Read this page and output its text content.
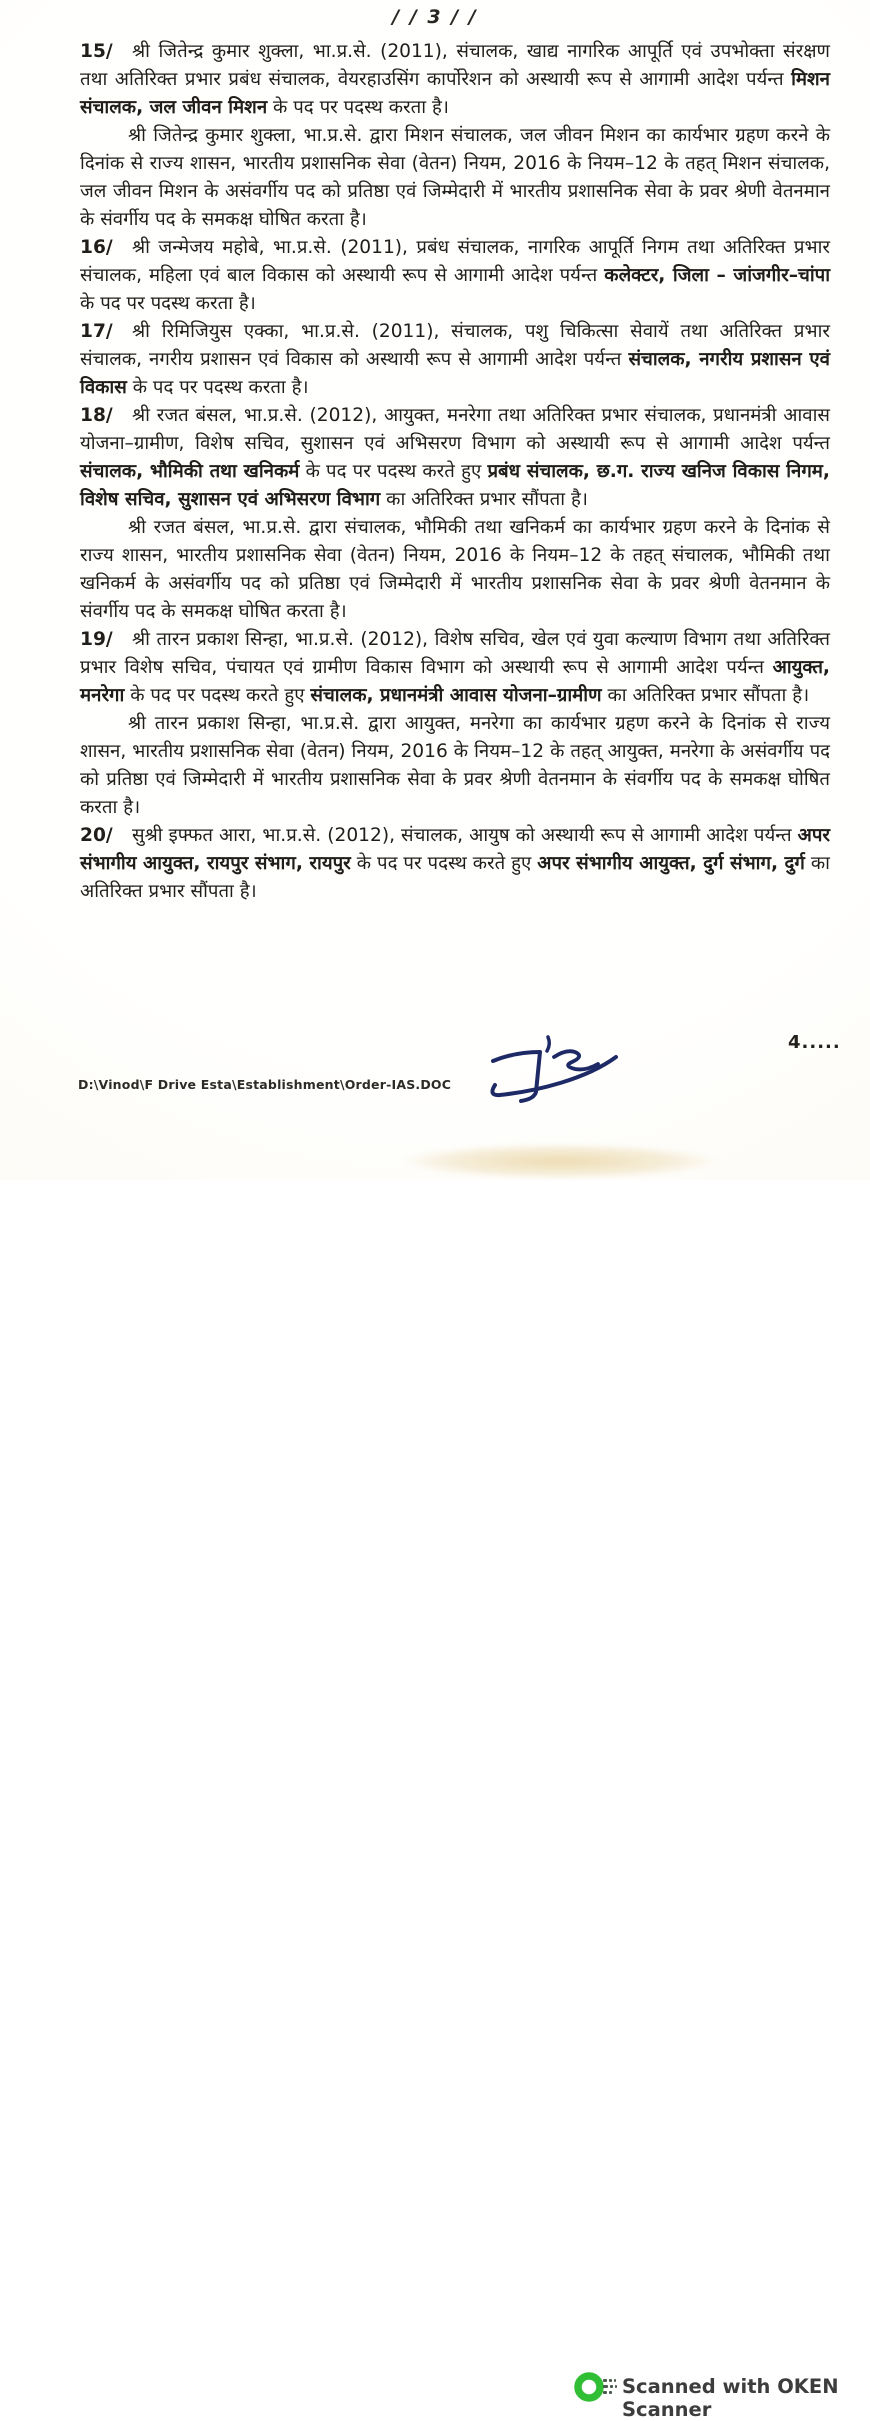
/ / 3 / /

15/ श्री जितेन्द्र कुमार शुक्ला, भा.प्र.से. (2011), संचालक, खाद्य नागरिक आपूर्ति एवं उपभोक्ता संरक्षण तथा अतिरिक्त प्रभार प्रबंध संचालक, वेयरहाउसिंग कार्पोरेशन को अस्थायी रूप से आगामी आदेश पर्यन्त मिशन संचालक, जल जीवन मिशन के पद पर पदस्थ करता है।

श्री जितेन्द्र कुमार शुक्ला, भा.प्र.से. द्वारा मिशन संचालक, जल जीवन मिशन का कार्यभार ग्रहण करने के दिनांक से राज्य शासन, भारतीय प्रशासनिक सेवा (वेतन) नियम, 2016 के नियम–12 के तहत् मिशन संचालक, जल जीवन मिशन के असंवर्गीय पद को प्रतिष्ठा एवं जिम्मेदारी में भारतीय प्रशासनिक सेवा के प्रवर श्रेणी वेतनमान के संवर्गीय पद के समकक्ष घोषित करता है।

16/ श्री जन्मेजय महोबे, भा.प्र.से. (2011), प्रबंध संचालक, नागरिक आपूर्ति निगम तथा अतिरिक्त प्रभार संचालक, महिला एवं बाल विकास को अस्थायी रूप से आगामी आदेश पर्यन्त कलेक्टर, जिला – जांजगीर–चांपा के पद पर पदस्थ करता है।

17/ श्री रिमिजियुस एक्का, भा.प्र.से. (2011), संचालक, पशु चिकित्सा सेवायें तथा अतिरिक्त प्रभार संचालक, नगरीय प्रशासन एवं विकास को अस्थायी रूप से आगामी आदेश पर्यन्त संचालक, नगरीय प्रशासन एवं विकास के पद पर पदस्थ करता है।

18/ श्री रजत बंसल, भा.प्र.से. (2012), आयुक्त, मनरेगा तथा अतिरिक्त प्रभार संचालक, प्रधानमंत्री आवास योजना–ग्रामीण, विशेष सचिव, सुशासन एवं अभिसरण विभाग को अस्थायी रूप से आगामी आदेश पर्यन्त संचालक, भौमिकी तथा खनिकर्म के पद पर पदस्थ करते हुए प्रबंध संचालक, छ.ग. राज्य खनिज विकास निगम, विशेष सचिव, सुशासन एवं अभिसरण विभाग का अतिरिक्त प्रभार सौंपता है।

श्री रजत बंसल, भा.प्र.से. द्वारा संचालक, भौमिकी तथा खनिकर्म का कार्यभार ग्रहण करने के दिनांक से राज्य शासन, भारतीय प्रशासनिक सेवा (वेतन) नियम, 2016 के नियम–12 के तहत् संचालक, भौमिकी तथा खनिकर्म के असंवर्गीय पद को प्रतिष्ठा एवं जिम्मेदारी में भारतीय प्रशासनिक सेवा के प्रवर श्रेणी वेतनमान के संवर्गीय पद के समकक्ष घोषित करता है।

19/ श्री तारन प्रकाश सिन्हा, भा.प्र.से. (2012), विशेष सचिव, खेल एवं युवा कल्याण विभाग तथा अतिरिक्त प्रभार विशेष सचिव, पंचायत एवं ग्रामीण विकास विभाग को अस्थायी रूप से आगामी आदेश पर्यन्त आयुक्त, मनरेगा के पद पर पदस्थ करते हुए संचालक, प्रधानमंत्री आवास योजना–ग्रामीण का अतिरिक्त प्रभार सौंपता है।

श्री तारन प्रकाश सिन्हा, भा.प्र.से. द्वारा आयुक्त, मनरेगा का कार्यभार ग्रहण करने के दिनांक से राज्य शासन, भारतीय प्रशासनिक सेवा (वेतन) नियम, 2016 के नियम–12 के तहत् आयुक्त, मनरेगा के असंवर्गीय पद को प्रतिष्ठा एवं जिम्मेदारी में भारतीय प्रशासनिक सेवा के प्रवर श्रेणी वेतनमान के संवर्गीय पद के समकक्ष घोषित करता है।

20/ सुश्री इफ्फत आरा, भा.प्र.से. (2012), संचालक, आयुष को अस्थायी रूप से आगामी आदेश पर्यन्त अपर संभागीय आयुक्त, रायपुर संभाग, रायपुर के पद पर पदस्थ करते हुए अपर संभागीय आयुक्त, दुर्ग संभाग, दुर्ग का अतिरिक्त प्रभार सौंपता है।

4.....
D:\Vinod\F Drive Esta\Establishment\Order-IAS.DOC
Scanned with OKEN Scanner
